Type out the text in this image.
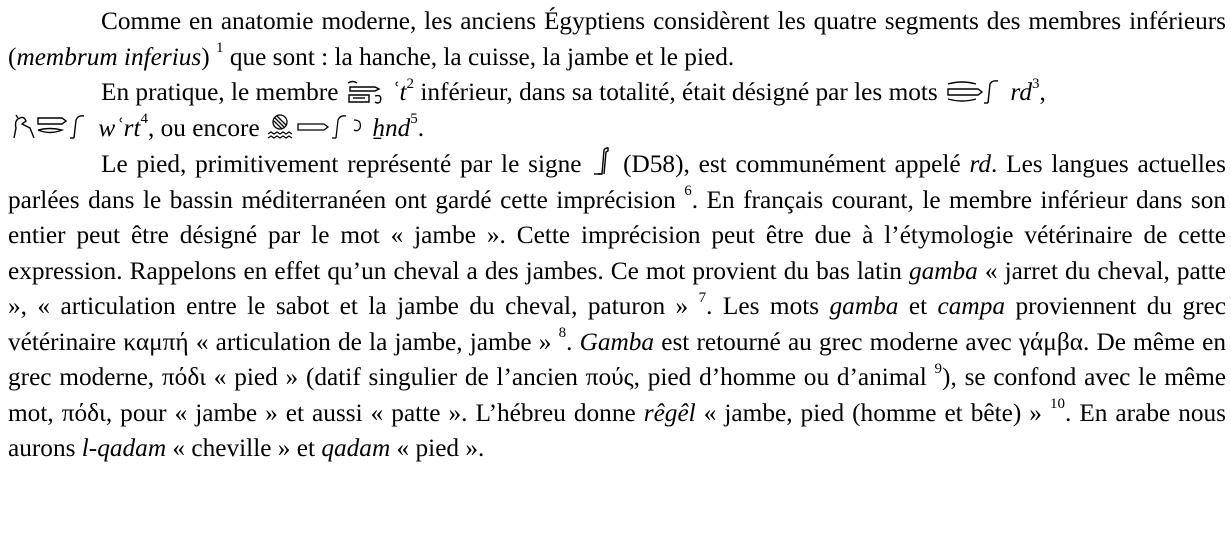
Comme en anatomie moderne, les anciens Égyptiens considèrent les quatre segments des membres inférieurs (membrum inferius) $^1$ que sont : la hanche, la cuisse, la jambe et le pied.

En pratique, le membre
ʿt$^2$ inférieur, dans sa totalité, était désigné par les mots	$rd^3$,

wʿrt$^4$, ou encore	ẖnd$^5$.

Le pied, primitivement représenté par le signe
(D58), est communément appelé rd. Les langues actuelles parlées dans le bassin méditerranéen ont gardé cette imprécision $^6$. En français courant, le membre inférieur dans son entier peut être désigné par le mot « jambe ». Cette imprécision peut être due à l’étymologie vétérinaire de cette expression. Rappelons en effet qu’un cheval a des jambes. Ce mot provient du bas latin gamba « jarret du cheval, patte », « articulation entre le sabot et la jambe du cheval, paturon » $^7$. Les mots gamba et campa proviennent du grec vétérinaire καμπή « articulation de la jambe, jambe » $^8$. Gamba est retourné au grec moderne avec γάμβα. De même en grec moderne, πόδι « pied » (datif singulier de l’ancien πούς, pied d’homme ou d’animal $^9$), se confond avec le même mot, πόδι, pour « jambe » et aussi « patte ». L’hébreu donne rêgêl « jambe, pied (homme et bête) » $^{10}$. En arabe nous aurons l-qadam « cheville » et qadam « pied ».
